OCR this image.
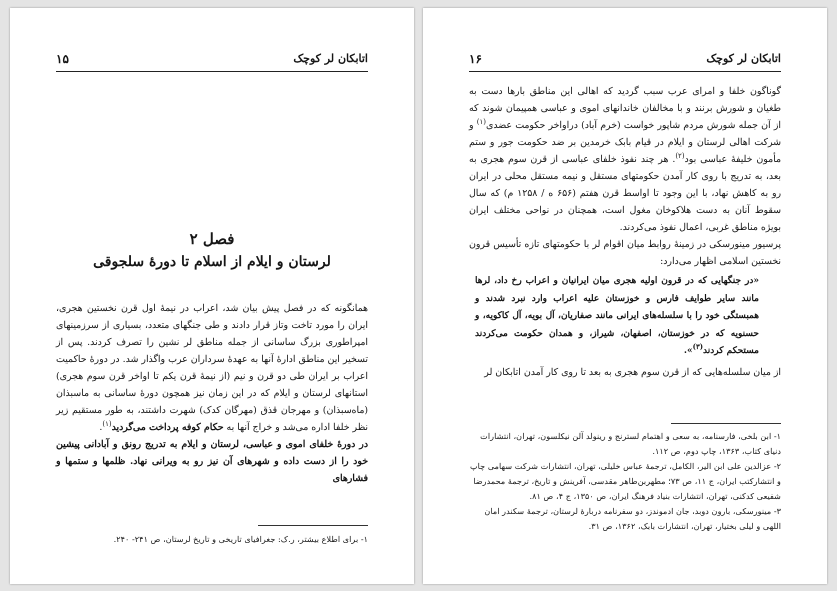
اتابکان لر کوچک
۱۶

گوناگون خلفا و امرای عرب سبب گردید که اهالی این مناطق بارها دست به طغیان و شورش برنند و با مخالفان خاندانهای اموی و عباسی همپیمان شوند که از آن جمله شورش مردم شاپور خواست (خرم آباد) دراواخر حکومت عضدی$^{(۱)}$ و شرکت اهالی لرستان و ایلام در قیام بابک خرمدین بر ضد حکومت جور و ستم مأمون خلیفهٔ عباسی بود$^{(۲)}$. هر چند نفوذ خلفای عباسی از قرن سوم هجری به بعد، به تدریج با روی کار آمدن حکومتهای مستقل و نیمه مستقل محلی در ایران رو به کاهش نهاد، با این وجود تا اواسط قرن هفتم (۶۵۶ ه / ۱۲۵۸ م) که سال سقوط آنان به دست هلاکوخان مغول است، همچنان در نواحی مختلف ایران بویژه مناطق غربی، اعمال نفوذ می‌کردند.

پرسیور مینورسکی در زمینهٔ روابط میان اقوام لر با حکومتهای تازه تأسیس قرون نخستین اسلامی اظهار می‌دارد:

«در جنگهایی که در قرون اولیه هجری میان ایرانیان و اعراب رخ داد، لرها مانند سایر طوایف فارس و خوزستان علیه اعراب وارد نبرد شدند و همبستگی خود را با سلسله‌های ایرانی مانند صفاریان، آل بویه، آل کاکویه، و حسنویه که در خوزستان، اصفهان، شیراز، و همدان حکومت می‌کردند مستحکم کردند$^{(۳)}$».

از میان سلسله‌هایی که از قرن سوم هجری به بعد تا روی کار آمدن اتابکان لر

۱- ابن بلخی، فارسنامه، به سعی و اهتمام لسترنج و رینولد آلن نیکلسون، تهران، انتشارات دنیای کتاب، ۱۳۶۳، چاپ دوم، ص ۱۱۲.

۲- عزالدین علی ابن الیر، الکامل، ترجمهٔ عباس خلیلی، تهران، انتشارات شرکت سهامی چاپ و انتشارکتب ایران، ج ۱۱، ص ۷۳؛ مطهربن‌طاهر مقدسی، آفرینش و تاریخ، ترجمهٔ محمدرضا شفیعی کدکنی، تهران، انتشارات بنیاد فرهنگ ایران، ص ۱۳۵۰، ج ۴، ص ۸۱.

۳- مینورسکی، بارون دوبد، جان ادموندز، دو سفرنامه دربارهٔ لرستان، ترجمهٔ سکندر امان اللهی و لیلی بختیار، تهران، انتشارات بابک، ۱۳۶۲، ص ۳۱.

اتابکان لر کوچک
۱۵
فصل ۲
لرستان و ایلام از اسلام تا دورهٔ سلجوقی

همانگونه که در فصل پیش بیان شد، اعراب در نیمهٔ اول قرن نخستین هجری، ایران را مورد تاخت وتاز قرار دادند و طی جنگهای متعدد، بسیاری از سرزمینهای امپراطوری بزرگ ساسانی از جمله مناطق لر نشین را تصرف کردند. پس از تسخیر این مناطق ادارهٔ آنها به عهدهٔ سرداران عرب واگذار شد. در دورهٔ حاکمیت اعراب بر ایران طی دو قرن و نیم (از نیمهٔ قرن یکم تا اواخر قرن سوم هجری) استانهای لرستان و ایلام که در این زمان نیز همچون دورهٔ ساسانی به ماسبذان (ماه‌سبذان) و مهرجان قذق (مهرگان کدک) شهرت داشتند، به طور مستقیم زیر نظر خلفا اداره می‌شد و خراج آنها به حکام کوفه پرداخت می‌گردید$^{(۱)}$.

در دورهٔ خلفای اموی و عباسی، لرستان و ایلام به تدریج رونق و آبادانی پیشین خود را از دست داده و شهرهای آن نیز رو به ویرانی نهاد. ظلمها و ستمها و فشارهای

۱- برای اطلاع بیشتر، ر.ک: جغرافیای تاریخی و تاریخ لرستان، ص ۲۴۱- ۲۴۰.
